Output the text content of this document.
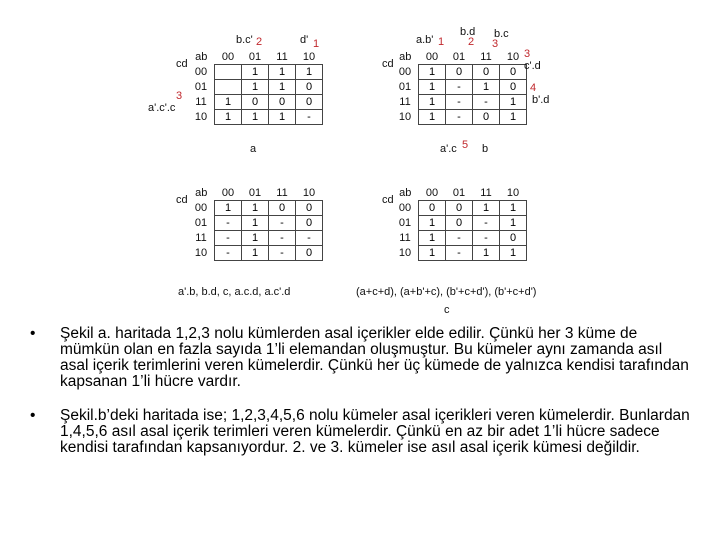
ab	00	01	11	10
00		1	1	1
01		1	1	0
11	1	0	0	0
10	1	1	1	-
cd
b.c' 2	d' 1
3
a'.c'.c
a
ab	00	01	11	10
00	1	0	0	0
01	1	-	1	0
11	1	-	-	1
10	1	-	0	1
cd
a.b' 1
b.d
2
b.c
3
3
c'.d
4
b'.d
a'.c 5 b
ab	00	01	11	10
00	1	1	0	0
01	-	1	-	0
11	-	1	-	-
10	-	1	-	0
cd
a'.b, b.d, c, a.c.d, a.c'.d
ab	00	01	11	10
00	0	0	1	1
01	1	0	-	1
11	1	-	-	0
10	1	-	1	1
cd
(a+c+d), (a+b'+c), (b'+c+d'), (b'+c+d')
c
•	Şekil a. haritada 1,2,3 nolu kümlerden asal içerikler elde edilir. Çünkü her 3 küme de mümkün olan en fazla sayıda 1’li elemandan oluşmuştur. Bu kümeler aynı zamanda asıl asal içerik terimlerini veren kümelerdir. Çünkü her üç kümede de yalnızca kendisi tarafından kapsanan 1’li hücre vardır.
•	Şekil.b’deki haritada ise; 1,2,3,4,5,6 nolu kümeler asal içerikleri veren kümelerdir. Bunlardan 1,4,5,6 asıl asal içerik terimleri veren kümelerdir. Çünkü en az bir adet 1’li hücre sadece kendisi tarafından kapsanıyordur. 2. ve 3. kümeler ise asıl asal içerik kümesi değildir.
